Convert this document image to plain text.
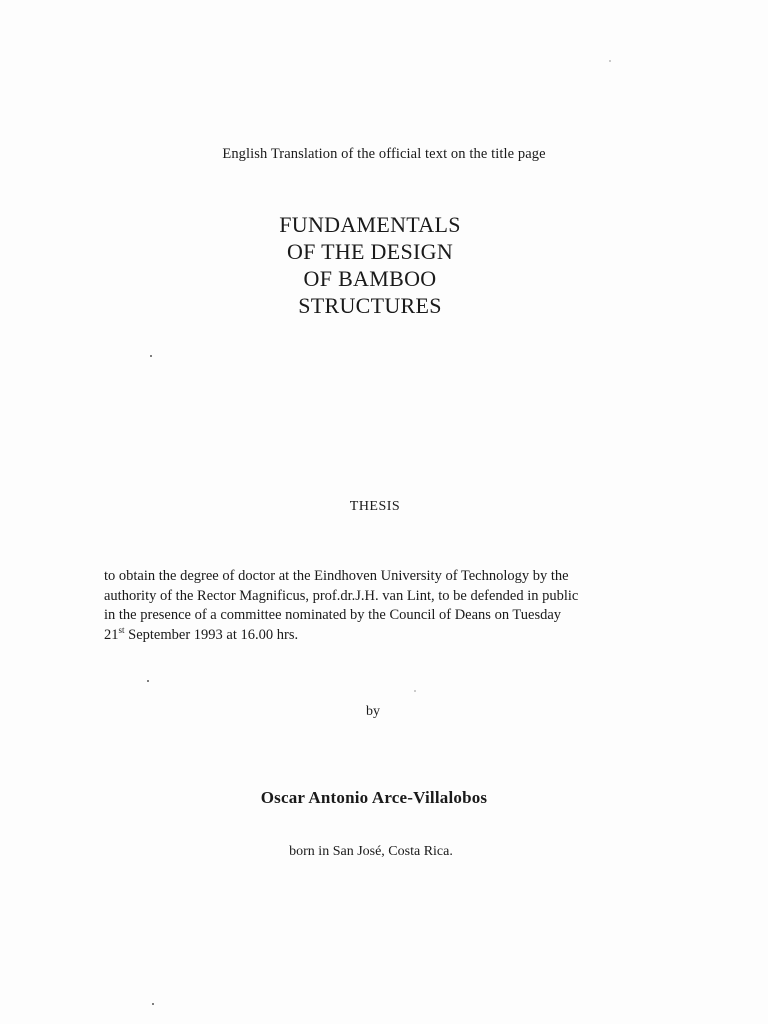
English Translation of the official text on the title page
FUNDAMENTALS
OF THE DESIGN
OF BAMBOO
STRUCTURES
THESIS
to obtain the degree of doctor at the Eindhoven University of Technology by the
authority of the Rector Magnificus, prof.dr.J.H. van Lint, to be defended in public
in the presence of a committee nominated by the Council of Deans on Tuesday
21st September 1993 at 16.00 hrs.
by
Oscar Antonio Arce-Villalobos
born in San José, Costa Rica.
